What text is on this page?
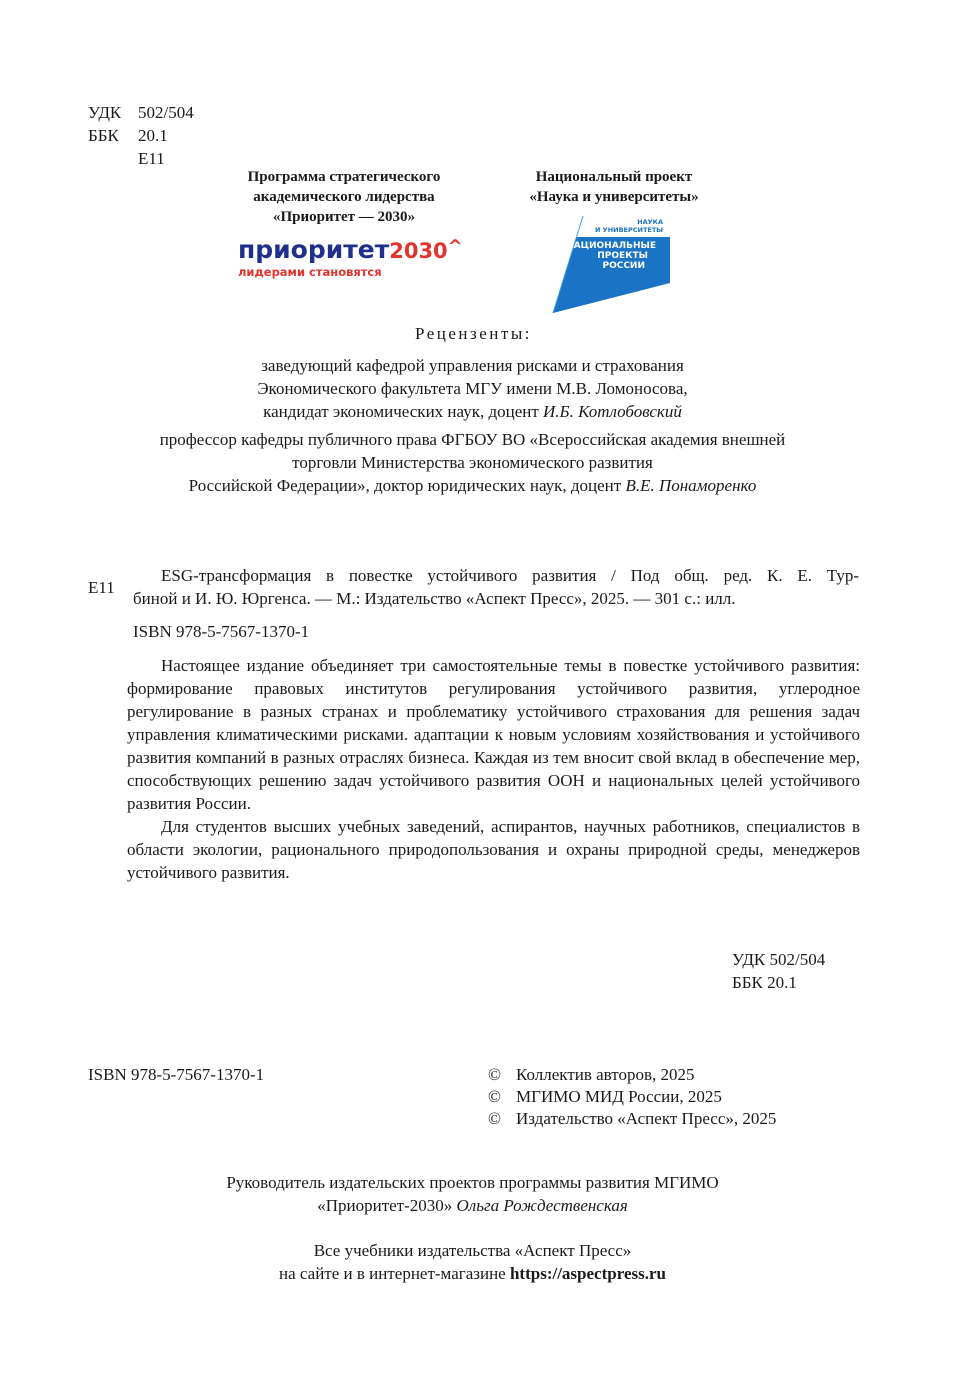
УДК 502/504
ББК	20.1
Е11
Программа стратегического
академического лидерства
«Приоритет — 2030»
приоритет2030^
лидерами становятся
Национальный проект
«Наука и университеты»
НАУКА
И УНИВЕРСИТЕТЫ
НАЦИОНАЛЬНЫЕ
ПРОЕКТЫ
РОССИИ
Рецензенты:
заведующий кафедрой управления рисками и страхования
Экономического факультета МГУ имени М.В. Ломоносова,
кандидат экономических наук, доцент И.Б. Котлобовский
профессор кафедры публичного права ФГБОУ ВО «Всероссийская академия внешней
торговли Министерства экономического развития
Российской Федерации», доктор юридических наук, доцент В.Е. Понаморенко
Е11
ESG-трансформация в повестке устойчивого развития / Под общ. ред. К. Е. Тур-
биной и И. Ю. Юргенса. — М.: Издательство «Аспект Пресс», 2025. — 301 с.: илл.
ISBN 978-5-7567-1370-1
Настоящее издание объединяет три самостоятельные темы в повестке устойчивого развития: формирование правовых институтов регулирования устойчивого развития, углеродное регулирование в разных странах и проблематику устойчивого страхования для решения задач управления климатическими рисками. адаптации к новым условиям хозяйствования и устойчивого развития компаний в разных отраслях бизнеса. Каждая из тем вносит свой вклад в обеспечение мер, способствующих решению задач устойчивого развития ООН и национальных целей устойчивого развития России.
Для студентов высших учебных заведений, аспирантов, научных работников, специалистов в области экологии, рационального природопользования и охраны природной среды, менеджеров устойчивого развития.
УДК 502/504
ББК 20.1
ISBN 978-5-7567-1370-1	© Коллектив авторов, 2025
© МГИМО МИД России, 2025
© Издательство «Аспект Пресс», 2025
Руководитель издательских проектов программы развития МГИМО
«Приоритет-2030» Ольга Рождественская
Все учебники издательства «Аспект Пресс»
на сайте и в интернет-магазине https://aspectpress.ru
